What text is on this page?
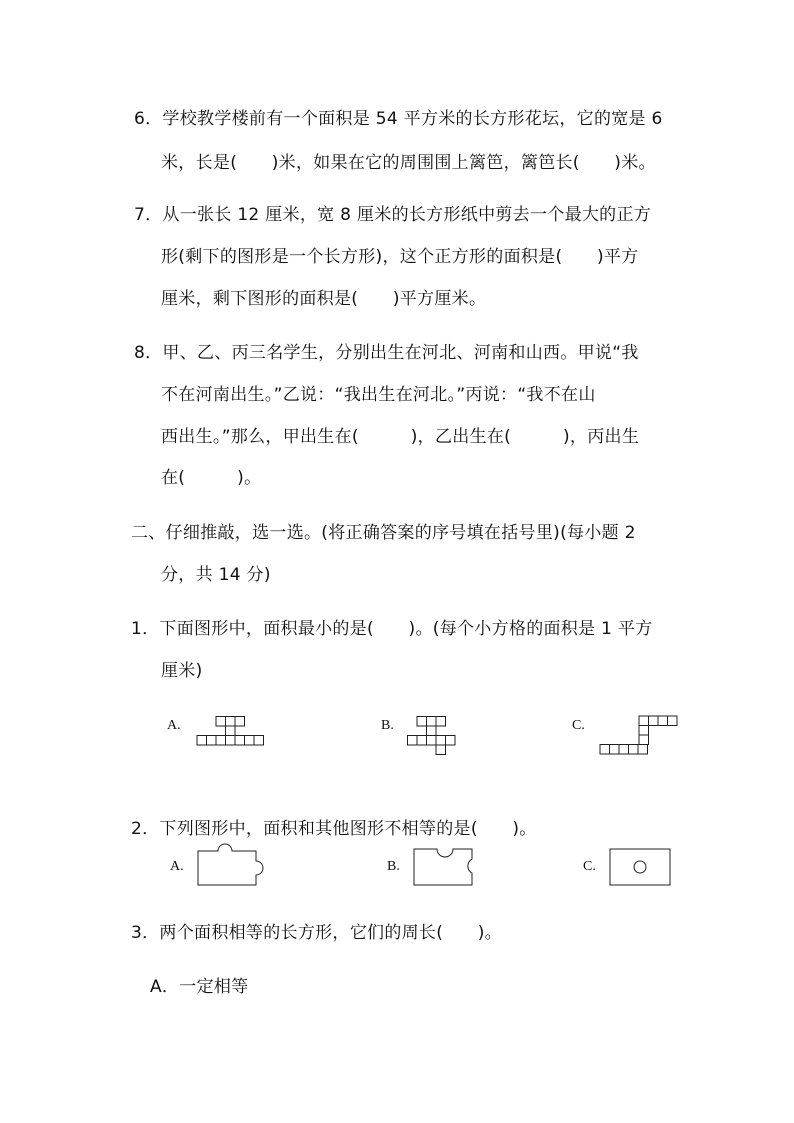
6．学校教学楼前有一个面积是 54 平方米的长方形花坛，它的宽是 6
米，长是(　　)米，如果在它的周围围上篱笆，篱笆长(　　)米。
7．从一张长 12 厘米，宽 8 厘米的长方形纸中剪去一个最大的正方
形(剩下的图形是一个长方形)，这个正方形的面积是(　　)平方
厘米，剩下图形的面积是(　　)平方厘米。
8．甲、乙、丙三名学生，分别出生在河北、河南和山西。甲说“我
不在河南出生。”乙说：“我出生在河北。”丙说：“我不在山
西出生。”那么，甲出生在(　　　)，乙出生在(　　　)，丙出生
在(　　　)。
二、仔细推敲，选一选。(将正确答案的序号填在括号里)(每小题 2
分，共 14 分)
1．下面图形中，面积最小的是(　　)。(每个小方格的面积是 1 平方
厘米)
A.	B.	C.
2．下列图形中，面积和其他图形不相等的是(　　)。
A.	B.	C.
3．两个面积相等的长方形，它们的周长(　　)。
A．一定相等
